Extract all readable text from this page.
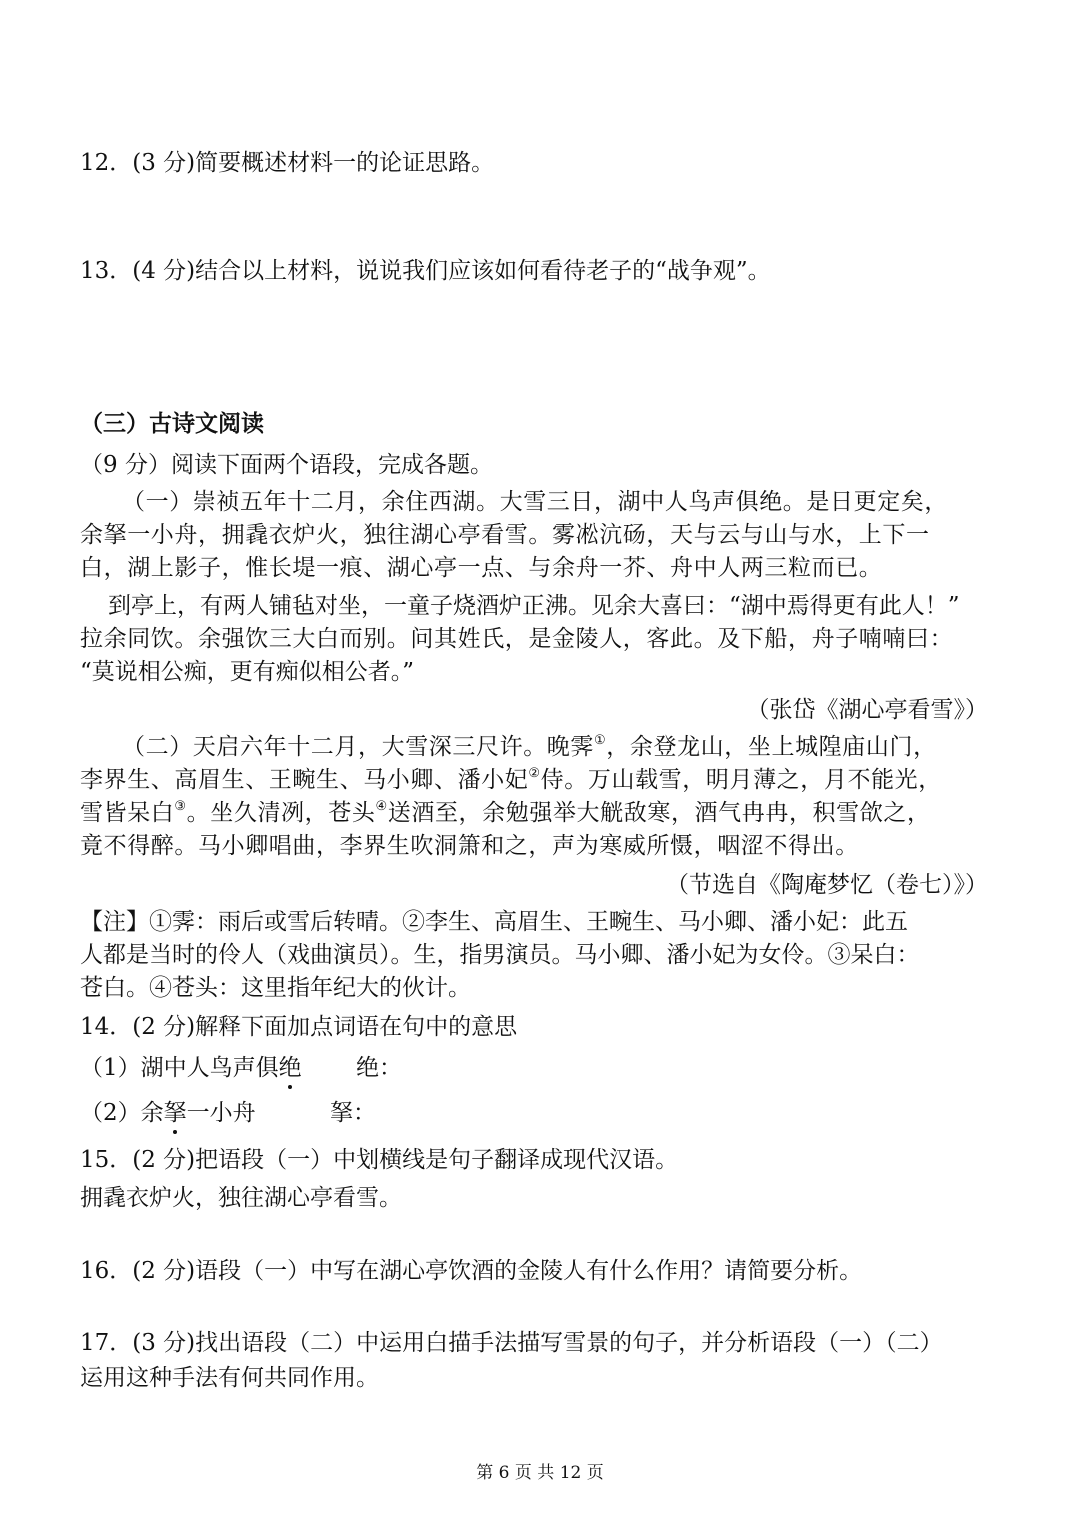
12．(3 分)简要概述材料一的论证思路。
13．(4 分)结合以上材料，说说我们应该如何看待老子的“战争观”。
（三）古诗文阅读
（9 分）阅读下面两个语段，完成各题。
（一）崇祯五年十二月，余住西湖。大雪三日，湖中人鸟声俱绝。是日更定矣，
余拏一小舟，拥毳衣炉火，独往湖心亭看雪。雾凇沆砀，天与云与山与水，上下一
白，湖上影子，惟长堤一痕、湖心亭一点、与余舟一芥、舟中人两三粒而已。
到亭上，有两人铺毡对坐，一童子烧酒炉正沸。见余大喜曰：“湖中焉得更有此人！”
拉余同饮。余强饮三大白而别。问其姓氏，是金陵人，客此。及下船，舟子喃喃曰：
“莫说相公痴，更有痴似相公者。”
（张岱《湖心亭看雪》）
（二）天启六年十二月，大雪深三尺许。晚霁①，余登龙山，坐上城隍庙山门，
李界生、高眉生、王畹生、马小卿、潘小妃②侍。万山载雪，明月薄之，月不能光，
雪皆呆白③。坐久清冽，苍头④送酒至，余勉强举大觥敌寒，酒气冉冉，积雪欱之，
竟不得醉。马小卿唱曲，李界生吹洞箫和之，声为寒威所慑，咽涩不得出。
（节选自《陶庵梦忆（卷七）》）
【注】①霁：雨后或雪后转晴。②李生、高眉生、王畹生、马小卿、潘小妃：此五
人都是当时的伶人（戏曲演员）。生，指男演员。马小卿、潘小妃为女伶。③呆白：
苍白。④苍头：这里指年纪大的伙计。
14．(2 分)解释下面加点词语在句中的意思
（1）湖中人鸟声俱绝 绝：
（2）余拏一小舟	拏：
15．(2 分)把语段（一）中划横线是句子翻译成现代汉语。
拥毳衣炉火，独往湖心亭看雪。
16．(2 分)语段（一）中写在湖心亭饮酒的金陵人有什么作用？请简要分析。
17．(3 分)找出语段（二）中运用白描手法描写雪景的句子，并分析语段（一）（二）
运用这种手法有何共同作用。
第 6 页 共 12 页
